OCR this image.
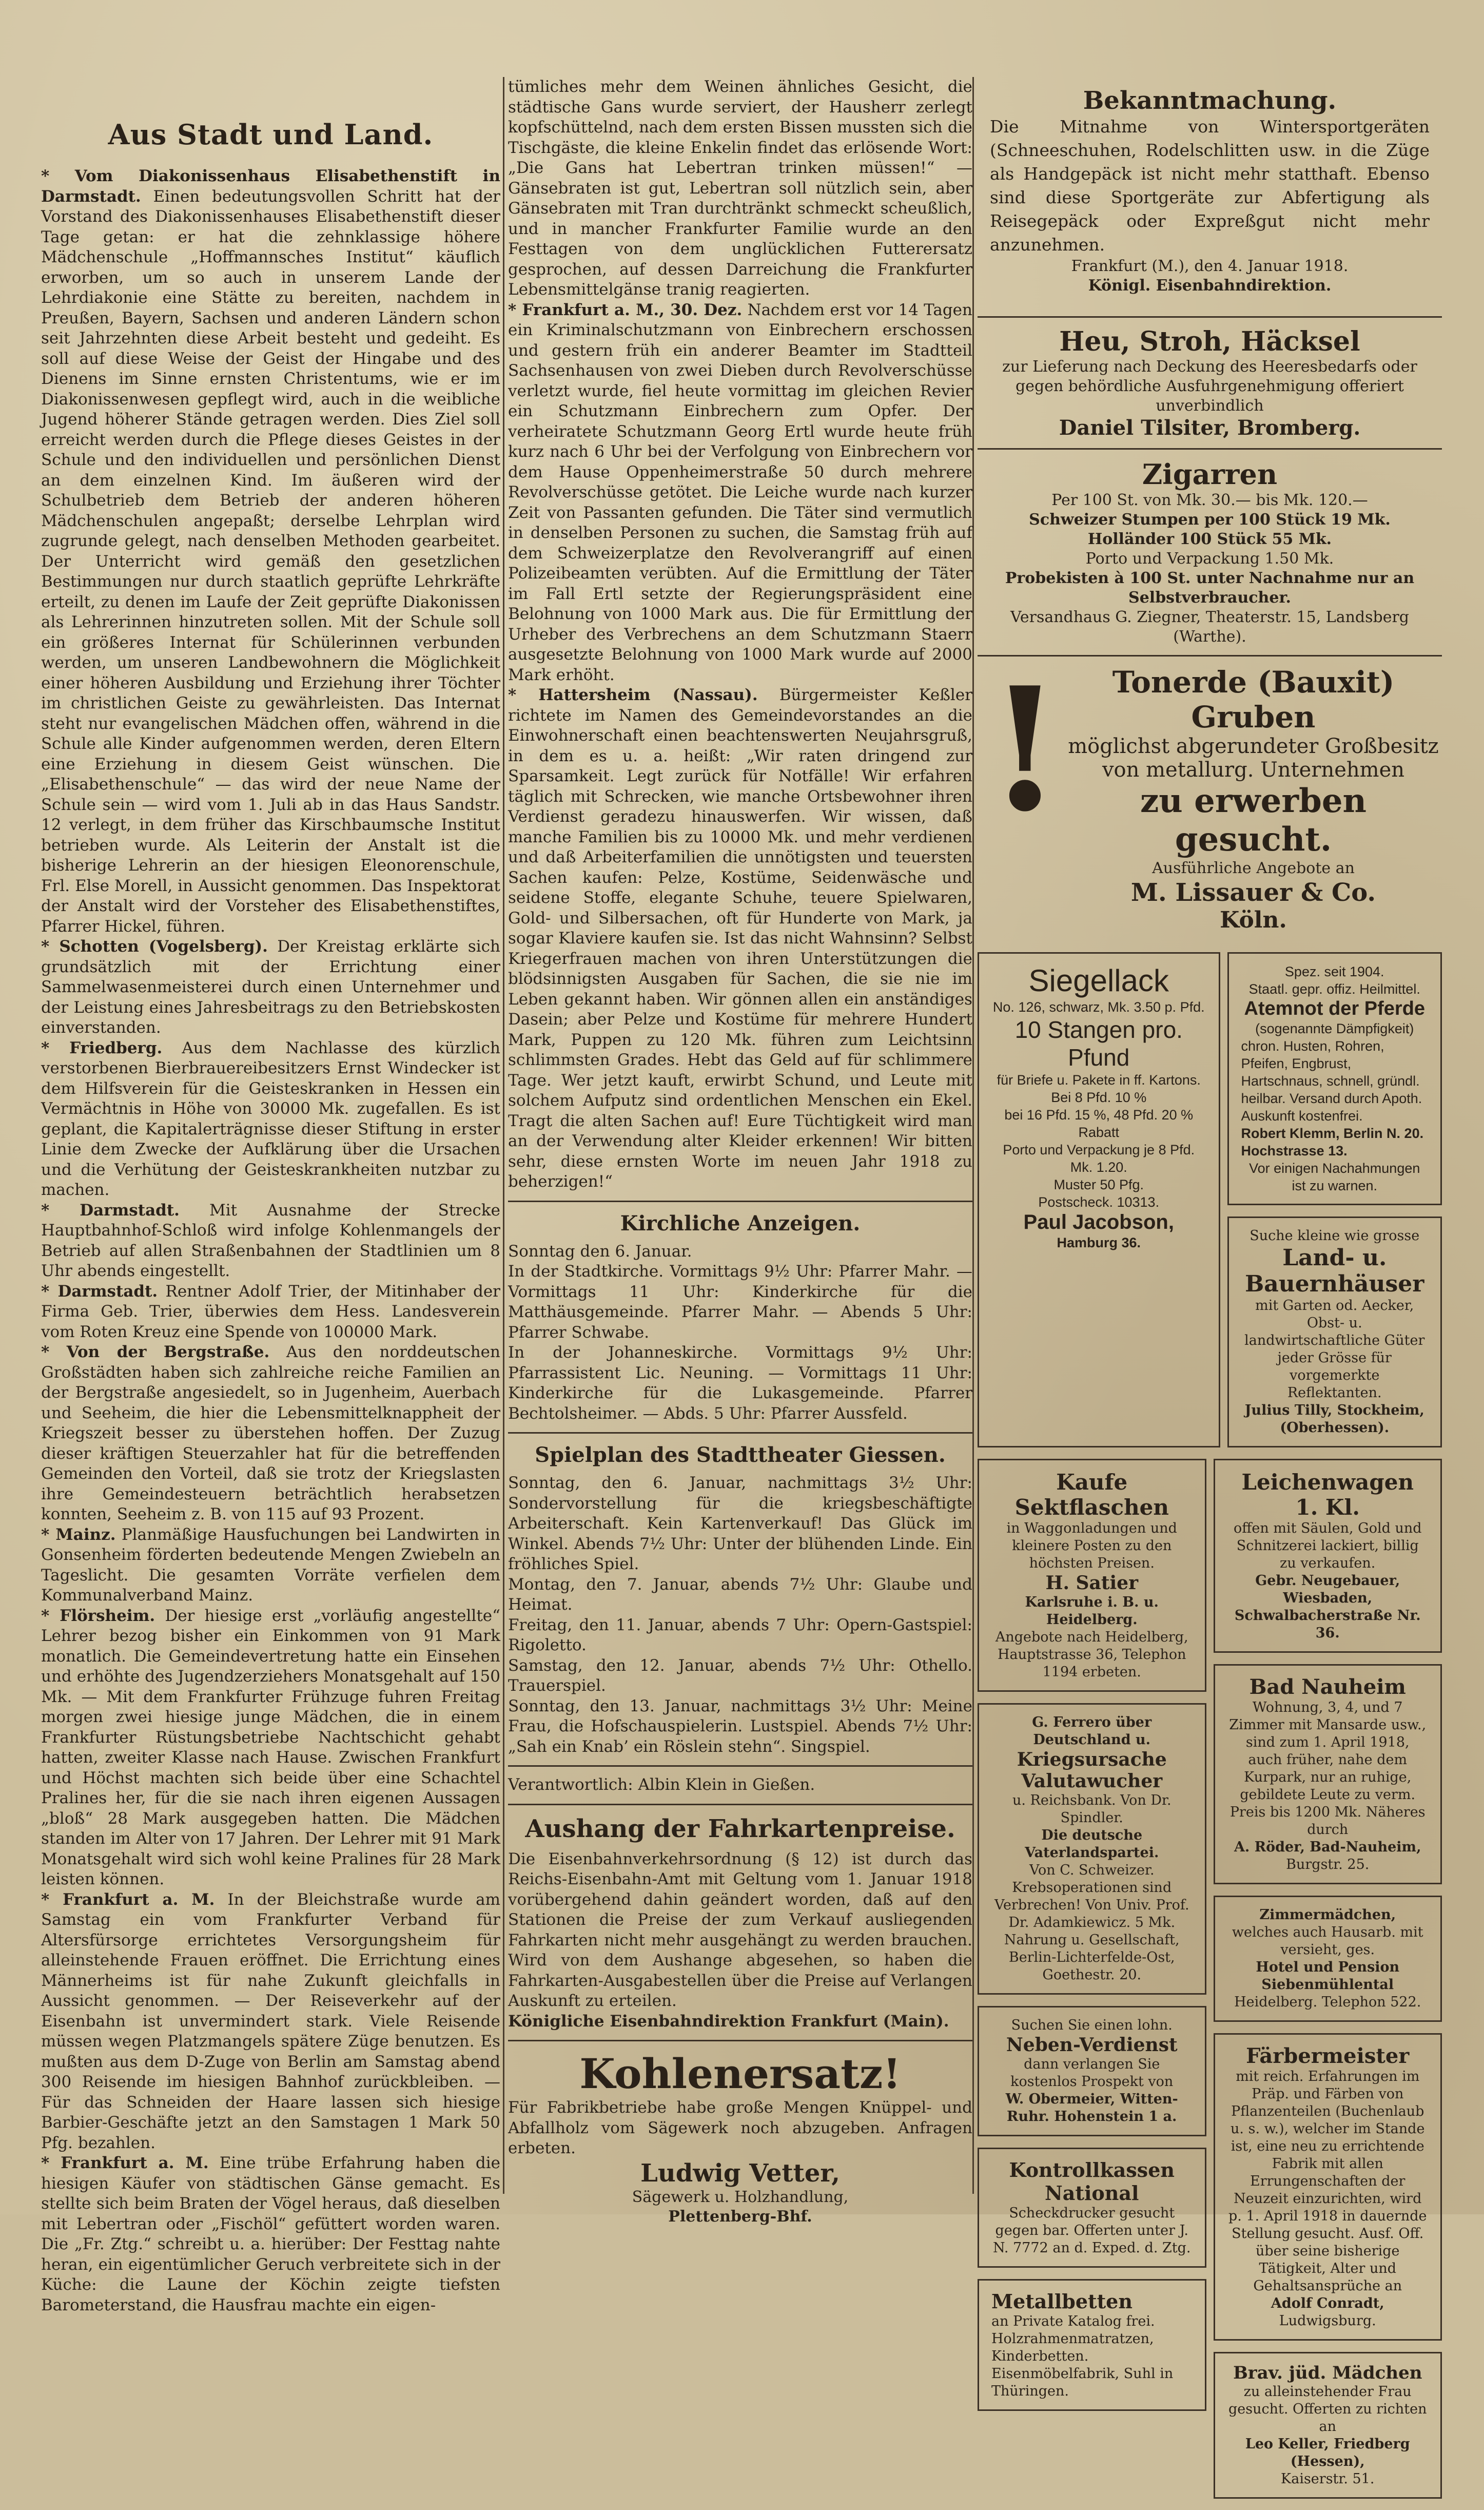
Aus Stadt und Land.

* Vom Diakonissenhaus Elisabethenstift in Darmstadt. Einen bedeutungsvollen Schritt hat der Vorstand des Diakonissenhauses Elisabethenstift dieser Tage getan: er hat die zehnklassige höhere Mädchenschule „Hoffmannsches Institut“ käuflich erworben, um so auch in unserem Lande der Lehrdiakonie eine Stätte zu bereiten, nachdem in Preußen, Bayern, Sachsen und anderen Ländern schon seit Jahrzehnten diese Arbeit besteht und gedeiht. Es soll auf diese Weise der Geist der Hingabe und des Dienens im Sinne ernsten Christentums, wie er im Diakonissenwesen gepflegt wird, auch in die weibliche Jugend höherer Stände getragen werden. Dies Ziel soll erreicht werden durch die Pflege dieses Geistes in der Schule und den individuellen und persönlichen Dienst an dem einzelnen Kind. Im äußeren wird der Schulbetrieb dem Betrieb der anderen höheren Mädchenschulen angepaßt; derselbe Lehrplan wird zugrunde gelegt, nach denselben Methoden gearbeitet. Der Unterricht wird gemäß den gesetzlichen Bestimmungen nur durch staatlich geprüfte Lehrkräfte erteilt, zu denen im Laufe der Zeit geprüfte Diakonissen als Lehrerinnen hinzutreten sollen. Mit der Schule soll ein größeres Internat für Schülerinnen verbunden werden, um unseren Landbewohnern die Möglichkeit einer höheren Ausbildung und Erziehung ihrer Töchter im christlichen Geiste zu gewährleisten. Das Internat steht nur evangelischen Mädchen offen, während in die Schule alle Kinder aufgenommen werden, deren Eltern eine Erziehung in diesem Geist wünschen. Die „Elisabethenschule“ — das wird der neue Name der Schule sein — wird vom 1. Juli ab in das Haus Sandstr. 12 verlegt, in dem früher das Kirschbaumsche Institut betrieben wurde. Als Leiterin der Anstalt ist die bisherige Lehrerin an der hiesigen Eleonorenschule, Frl. Else Morell, in Aussicht genommen. Das Inspektorat der Anstalt wird der Vorsteher des Elisabethenstiftes, Pfarrer Hickel, führen.

* Schotten (Vogelsberg). Der Kreistag erklärte sich grundsätzlich mit der Errichtung einer Sammelwasenmeisterei durch einen Unternehmer und der Leistung eines Jahresbeitrags zu den Betriebskosten einverstanden.

* Friedberg. Aus dem Nachlasse des kürzlich verstorbenen Bierbrauereibesitzers Ernst Windecker ist dem Hilfsverein für die Geisteskranken in Hessen ein Vermächtnis in Höhe von 30000 Mk. zugefallen. Es ist geplant, die Kapitalerträgnisse dieser Stiftung in erster Linie dem Zwecke der Aufklärung über die Ursachen und die Verhütung der Geisteskrankheiten nutzbar zu machen.

* Darmstadt. Mit Ausnahme der Strecke Hauptbahnhof-Schloß wird infolge Kohlenmangels der Betrieb auf allen Straßenbahnen der Stadtlinien um 8 Uhr abends eingestellt.

* Darmstadt. Rentner Adolf Trier, der Mitinhaber der Firma Geb. Trier, überwies dem Hess. Landesverein vom Roten Kreuz eine Spende von 100000 Mark.

* Von der Bergstraße. Aus den norddeutschen Großstädten haben sich zahlreiche reiche Familien an der Bergstraße angesiedelt, so in Jugenheim, Auerbach und Seeheim, die hier die Lebensmittelknappheit der Kriegszeit besser zu überstehen hoffen. Der Zuzug dieser kräftigen Steuerzahler hat für die betreffenden Gemeinden den Vorteil, daß sie trotz der Kriegslasten ihre Gemeindesteuern beträchtlich herabsetzen konnten, Seeheim z. B. von 115 auf 93 Prozent.

* Mainz. Planmäßige Hausfuchungen bei Landwirten in Gonsenheim förderten bedeutende Mengen Zwiebeln an Tageslicht. Die gesamten Vorräte verfielen dem Kommunalverband Mainz.

* Flörsheim. Der hiesige erst „vorläufig angestellte“ Lehrer bezog bisher ein Einkommen von 91 Mark monatlich. Die Gemeindevertretung hatte ein Einsehen und erhöhte des Jugendzerziehers Monatsgehalt auf 150 Mk. — Mit dem Frankfurter Frühzuge fuhren Freitag morgen zwei hiesige junge Mädchen, die in einem Frankfurter Rüstungsbetriebe Nachtschicht gehabt hatten, zweiter Klasse nach Hause. Zwischen Frankfurt und Höchst machten sich beide über eine Schachtel Pralines her, für die sie nach ihren eigenen Aussagen „bloß“ 28 Mark ausgegeben hatten. Die Mädchen standen im Alter von 17 Jahren. Der Lehrer mit 91 Mark Monatsgehalt wird sich wohl keine Pralines für 28 Mark leisten können.

* Frankfurt a. M. In der Bleichstraße wurde am Samstag ein vom Frankfurter Verband für Altersfürsorge errichtetes Versorgungsheim für alleinstehende Frauen eröffnet. Die Errichtung eines Männerheims ist für nahe Zukunft gleichfalls in Aussicht genommen. — Der Reiseverkehr auf der Eisenbahn ist unvermindert stark. Viele Reisende müssen wegen Platzmangels spätere Züge benutzen. Es mußten aus dem D-Zuge von Berlin am Samstag abend 300 Reisende im hiesigen Bahnhof zurückbleiben. — Für das Schneiden der Haare lassen sich hiesige Barbier-Geschäfte jetzt an den Samstagen 1 Mark 50 Pfg. bezahlen.

* Frankfurt a. M. Eine trübe Erfahrung haben die hiesigen Käufer von städtischen Gänse gemacht. Es stellte sich beim Braten der Vögel heraus, daß dieselben mit Lebertran oder „Fischöl“ gefüttert worden waren. Die „Fr. Ztg.“ schreibt u. a. hierüber: Der Festtag nahte heran, ein eigentümlicher Geruch verbreitete sich in der Küche: die Laune der Köchin zeigte tiefsten Barometerstand, die Hausfrau machte ein eigen-

tümliches mehr dem Weinen ähnliches Gesicht, die städtische Gans wurde serviert, der Hausherr zerlegt kopfschüttelnd, nach dem ersten Bissen mussten sich die Tischgäste, die kleine Enkelin findet das erlösende Wort: „Die Gans hat Lebertran trinken müssen!“ — Gänsebraten ist gut, Lebertran soll nützlich sein, aber Gänsebraten mit Tran durchtränkt schmeckt scheußlich, und in mancher Frankfurter Familie wurde an den Festtagen von dem unglücklichen Futterersatz gesprochen, auf dessen Darreichung die Frankfurter Lebensmittelgänse tranig reagierten.

* Frankfurt a. M., 30. Dez. Nachdem erst vor 14 Tagen ein Kriminalschutzmann von Einbrechern erschossen und gestern früh ein anderer Beamter im Stadtteil Sachsenhausen von zwei Dieben durch Revolverschüsse verletzt wurde, fiel heute vormittag im gleichen Revier ein Schutzmann Einbrechern zum Opfer. Der verheiratete Schutzmann Georg Ertl wurde heute früh kurz nach 6 Uhr bei der Verfolgung von Einbrechern vor dem Hause Oppenheimerstraße 50 durch mehrere Revolverschüsse getötet. Die Leiche wurde nach kurzer Zeit von Passanten gefunden. Die Täter sind vermutlich in denselben Personen zu suchen, die Samstag früh auf dem Schweizerplatze den Revolverangriff auf einen Polizeibeamten verübten. Auf die Ermittlung der Täter im Fall Ertl setzte der Regierungspräsident eine Belohnung von 1000 Mark aus. Die für Ermittlung der Urheber des Verbrechens an dem Schutzmann Staerr ausgesetzte Belohnung von 1000 Mark wurde auf 2000 Mark erhöht.

* Hattersheim (Nassau). Bürgermeister Keßler richtete im Namen des Gemeindevorstandes an die Einwohnerschaft einen beachtenswerten Neujahrsgruß, in dem es u. a. heißt: „Wir raten dringend zur Sparsamkeit. Legt zurück für Notfälle! Wir erfahren täglich mit Schrecken, wie manche Ortsbewohner ihren Verdienst geradezu hinauswerfen. Wir wissen, daß manche Familien bis zu 10000 Mk. und mehr verdienen und daß Arbeiterfamilien die unnötigsten und teuersten Sachen kaufen: Pelze, Kostüme, Seidenwäsche und seidene Stoffe, elegante Schuhe, teuere Spielwaren, Gold- und Silbersachen, oft für Hunderte von Mark, ja sogar Klaviere kaufen sie. Ist das nicht Wahnsinn? Selbst Kriegerfrauen machen von ihren Unterstützungen die blödsinnigsten Ausgaben für Sachen, die sie nie im Leben gekannt haben. Wir gönnen allen ein anständiges Dasein; aber Pelze und Kostüme für mehrere Hundert Mark, Puppen zu 120 Mk. führen zum Leichtsinn schlimmsten Grades. Hebt das Geld auf für schlimmere Tage. Wer jetzt kauft, erwirbt Schund, und Leute mit solchem Aufputz sind ordentlichen Menschen ein Ekel. Tragt die alten Sachen auf! Eure Tüchtigkeit wird man an der Verwendung alter Kleider erkennen! Wir bitten sehr, diese ernsten Worte im neuen Jahr 1918 zu beherzigen!“

Kirchliche Anzeigen.

Sonntag den 6. Januar.

In der Stadtkirche. Vormittags 9½ Uhr: Pfarrer Mahr. — Vormittags 11 Uhr: Kinderkirche für die Matthäusgemeinde. Pfarrer Mahr. — Abends 5 Uhr: Pfarrer Schwabe.

In der Johanneskirche. Vormittags 9½ Uhr: Pfarrassistent Lic. Neuning. — Vormittags 11 Uhr: Kinderkirche für die Lukasgemeinde. Pfarrer Bechtolsheimer. — Abds. 5 Uhr: Pfarrer Aussfeld.

Spielplan des Stadttheater Giessen.

Sonntag, den 6. Januar, nachmittags 3½ Uhr: Sondervorstellung für die kriegsbeschäftigte Arbeiterschaft. Kein Kartenverkauf! Das Glück im Winkel. Abends 7½ Uhr: Unter der blühenden Linde. Ein fröhliches Spiel.

Montag, den 7. Januar, abends 7½ Uhr: Glaube und Heimat.

Freitag, den 11. Januar, abends 7 Uhr: Opern-Gastspiel: Rigoletto.

Samstag, den 12. Januar, abends 7½ Uhr: Othello. Trauerspiel.

Sonntag, den 13. Januar, nachmittags 3½ Uhr: Meine Frau, die Hofschauspielerin. Lustspiel. Abends 7½ Uhr: „Sah ein Knab’ ein Röslein stehn“. Singspiel.

Verantwortlich: Albin Klein in Gießen.

Aushang der Fahrkartenpreise.

Die Eisenbahnverkehrsordnung (§ 12) ist durch das Reichs-Eisenbahn-Amt mit Geltung vom 1. Januar 1918 vorübergehend dahin geändert worden, daß auf den Stationen die Preise der zum Verkauf ausliegenden Fahrkarten nicht mehr ausgehängt zu werden brauchen. Wird von dem Aushange abgesehen, so haben die Fahrkarten-Ausgabestellen über die Preise auf Verlangen Auskunft zu erteilen.

Königliche Eisenbahndirektion Frankfurt (Main).

Kohlenersatz!

Für Fabrikbetriebe habe große Mengen Knüppel- und Abfallholz vom Sägewerk noch abzugeben. Anfragen erbeten.

Ludwig Vetter,
Sägewerk u. Holzhandlung,
Plettenberg-Bhf.
Bekanntmachung.

Die Mitnahme von Wintersportgeräten (Schneeschuhen, Rodelschlitten usw. in die Züge als Handgepäck ist nicht mehr statthaft. Ebenso sind diese Sportgeräte zur Abfertigung als Reisegepäck oder Expreßgut nicht mehr anzunehmen.

Frankfurt (M.), den 4. Januar 1918.
Königl. Eisenbahndirektion.
Heu, Stroh, Häcksel
zur Lieferung nach Deckung des Heeresbedarfs oder gegen behördliche Ausfuhrgenehmigung offeriert unverbindlich
Daniel Tilsiter, Bromberg.
Zigarren
Per 100 St. von Mk. 30.— bis Mk. 120.—
Schweizer Stumpen per 100 Stück 19 Mk.
Holländer 100 Stück 55 Mk.
Porto und Verpackung 1.50 Mk.
Probekisten à 100 St. unter Nachnahme nur an Selbstverbraucher.
Versandhaus G. Ziegner, Theaterstr. 15, Landsberg (Warthe).
!	Tonerde (Bauxit) Gruben
möglichst abgerundeter Großbesitz
von metallurg. Unternehmen
zu erwerben gesucht.
Ausführliche Angebote an
M. Lissauer & Co.
Köln.
Siegellack
No. 126, schwarz, Mk. 3.50 p. Pfd.
10 Stangen pro. Pfund
für Briefe u. Pakete in ff. Kartons.
Bei 8 Pfd. 10 %
bei 16 Pfd. 15 %, 48 Pfd. 20 % Rabatt
Porto und Verpackung je 8 Pfd. Mk. 1.20.
Muster 50 Pfg.
Postscheck. 10313.
Paul Jacobson,
Hamburg 36.
Spez. seit 1904.
Staatl. gepr. offiz. Heilmittel.
Atemnot der Pferde
(sogenannte Dämpfigkeit)
chron. Husten, Rohren, Pfeifen, Engbrust, Hartschnaus, schnell, gründl. heilbar. Versand durch Apoth. Auskunft kostenfrei.
Robert Klemm, Berlin N. 20. Hochstrasse 13.
Vor einigen Nachahmungen ist zu warnen.
Suche kleine wie grosse
Land- u. Bauernhäuser
mit Garten od. Aecker, Obst- u. landwirtschaftliche Güter jeder Grösse für vorgemerkte Reflektanten.
Julius Tilly, Stockheim, (Oberhessen).
Kaufe Sektflaschen
in Waggonladungen und kleinere Posten zu den höchsten Preisen.
H. Satier
Karlsruhe i. B. u. Heidelberg.
Angebote nach Heidelberg, Hauptstrasse 36, Telephon 1194 erbeten.
G. Ferrero über Deutschland u.
Kriegsursache
Valutawucher
u. Reichsbank. Von Dr. Spindler.
Die deutsche Vaterlandspartei.
Von C. Schweizer.
Krebsoperationen sind Verbrechen! Von Univ. Prof. Dr. Adamkiewicz. 5 Mk. Nahrung u. Gesellschaft, Berlin-Lichterfelde-Ost, Goethestr. 20.
Suchen Sie einen lohn.
Neben-Verdienst
dann verlangen Sie kostenlos Prospekt von
W. Obermeier, Witten-Ruhr. Hohenstein 1 a.
Kontrollkassen
National
Scheckdrucker gesucht gegen bar. Offerten unter J. N. 7772 an d. Exped. d. Ztg.
Metallbetten
an Private Katalog frei. Holzrahmenmatratzen, Kinderbetten. Eisenmöbelfabrik, Suhl in Thüringen.
Leichenwagen 1. Kl.
offen mit Säulen, Gold und Schnitzerei lackiert, billig zu verkaufen.
Gebr. Neugebauer,
Wiesbaden, Schwalbacherstraße Nr. 36.
Bad Nauheim
Wohnung, 3, 4, und 7 Zimmer mit Mansarde usw., sind zum 1. April 1918, auch früher, nahe dem Kurpark, nur an ruhige, gebildete Leute zu verm. Preis bis 1200 Mk. Näheres durch
A. Röder, Bad-Nauheim,
Burgstr. 25.
Zimmermädchen,
welches auch Hausarb. mit versieht, ges.
Hotel und Pension
Siebenmühlental
Heidelberg. Telephon 522.
Färbermeister
mit reich. Erfahrungen im Präp. und Färben von Pflanzenteilen (Buchenlaub u. s. w.), welcher im Stande ist, eine neu zu errichtende Fabrik mit allen Errungenschaften der Neuzeit einzurichten, wird p. 1. April 1918 in dauernde Stellung gesucht. Ausf. Off. über seine bisherige Tätigkeit, Alter und Gehaltsansprüche an
Adolf Conradt,
Ludwigsburg.
Brav. jüd. Mädchen
zu alleinstehender Frau gesucht. Offerten zu richten an
Leo Keller, Friedberg (Hessen),
Kaiserstr. 51.
